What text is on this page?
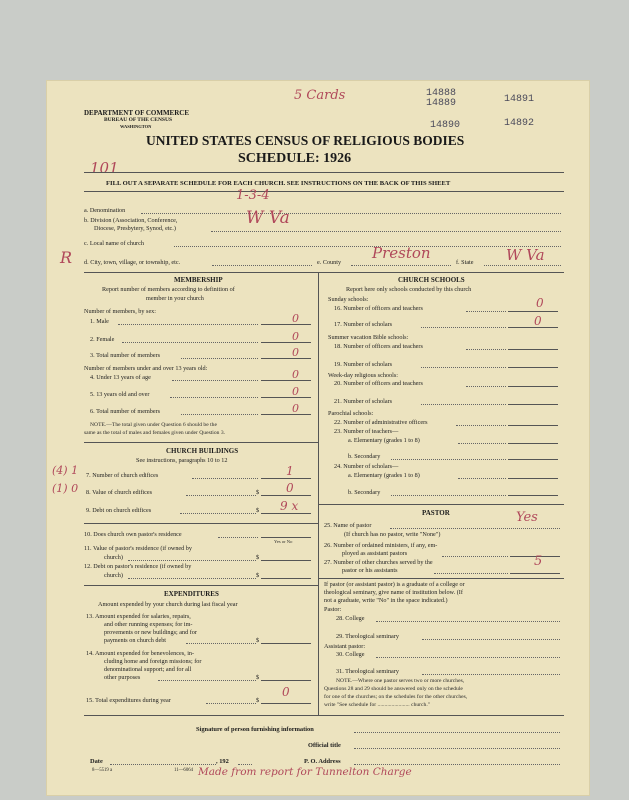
5 Cards	14888
14889	14891
14890	14892
DEPARTMENT OF COMMERCE
BUREAU OF THE CENSUS
WASHINGTON
UNITED STATES CENSUS OF RELIGIOUS BODIES
SCHEDULE: 1926
101
FILL OUT A SEPARATE SCHEDULE FOR EACH CHURCH. SEE INSTRUCTIONS ON THE BACK OF THIS SHEET
a. Denomination
1-3-4
b. Division (Association, Conference,
Diocese, Presbytery, Synod, etc.)
W Va
c. Local name of church
R d. City, town, village, or township, etc.	e. County
Preston
f. State W Va
MEMBERSHIP
Report number of members according to definition of
member in your church
Number of members, by sex:
1. Male	0
2. Female	0
3. Total number of members	0
Number of members under and over 13 years old:
4. Under 13 years of age	0
5. 13 years old and over	0
6. Total number of members	0
NOTE.—The total given under Question 6 should be the
same as the total of males and females given under Question 3.
CHURCH BUILDINGS
See instructions, paragraphs 10 to 12
(4) 1 7. Number of church edifices	1
(1) 0 8. Value of church edifices	$ 0
9. Debt on church edifices	$ 9 x
10. Does church own pastor's residence
Yes or No
11. Value of pastor's residence (if owned by
church)	$
12. Debt on pastor's residence (if owned by
church)	$
EXPENDITURES
Amount expended by your church during last fiscal year
13. Amount expended for salaries, repairs,
and other running expenses; for im-
provements or new buildings; and for
payments on church debt	$
14. Amount expended for benevolences, in-
cluding home and foreign missions; for
denominational support; and for all
other purposes	$
15. Total expenditures during year	$
0
CHURCH SCHOOLS
Report here only schools conducted by this church
Sunday schools:
16. Number of officers and teachers	0
17. Number of scholars	0
Summer vacation Bible schools:
18. Number of officers and teachers
19. Number of scholars
Week-day religious schools:
20. Number of officers and teachers
21. Number of scholars
Parochial schools:
22. Number of administrative officers
23. Number of teachers—
a. Elementary (grades 1 to 8)
b. Secondary
24. Number of scholars—
a. Elementary (grades 1 to 8)
b. Secondary
PASTOR
25. Name of pastor
Yes
(If church has no pastor, write "None")
26. Number of ordained ministers, if any, em-
ployed as assistant pastors
27. Number of other churches served by the
pastor or his assistants
5
If pastor (or assistant pastor) is a graduate of a college or
theological seminary, give name of institution below. (If
not a graduate, write "No" in the space indicated.)
Pastor:
28. College
29. Theological seminary
Assistant pastor:
30. College
31. Theological seminary
NOTE.—Where one pastor serves two or more churches,
Questions 28 and 29 should be answered only on the schedule
for one of the churches; on the schedules for the other churches,
write "See schedule for ....................... church."
Signature of person furnishing information
Official title
Date	, 192	P. O. Address
8—5519 a	11—6064 Made from report for Tunnelton Charge
